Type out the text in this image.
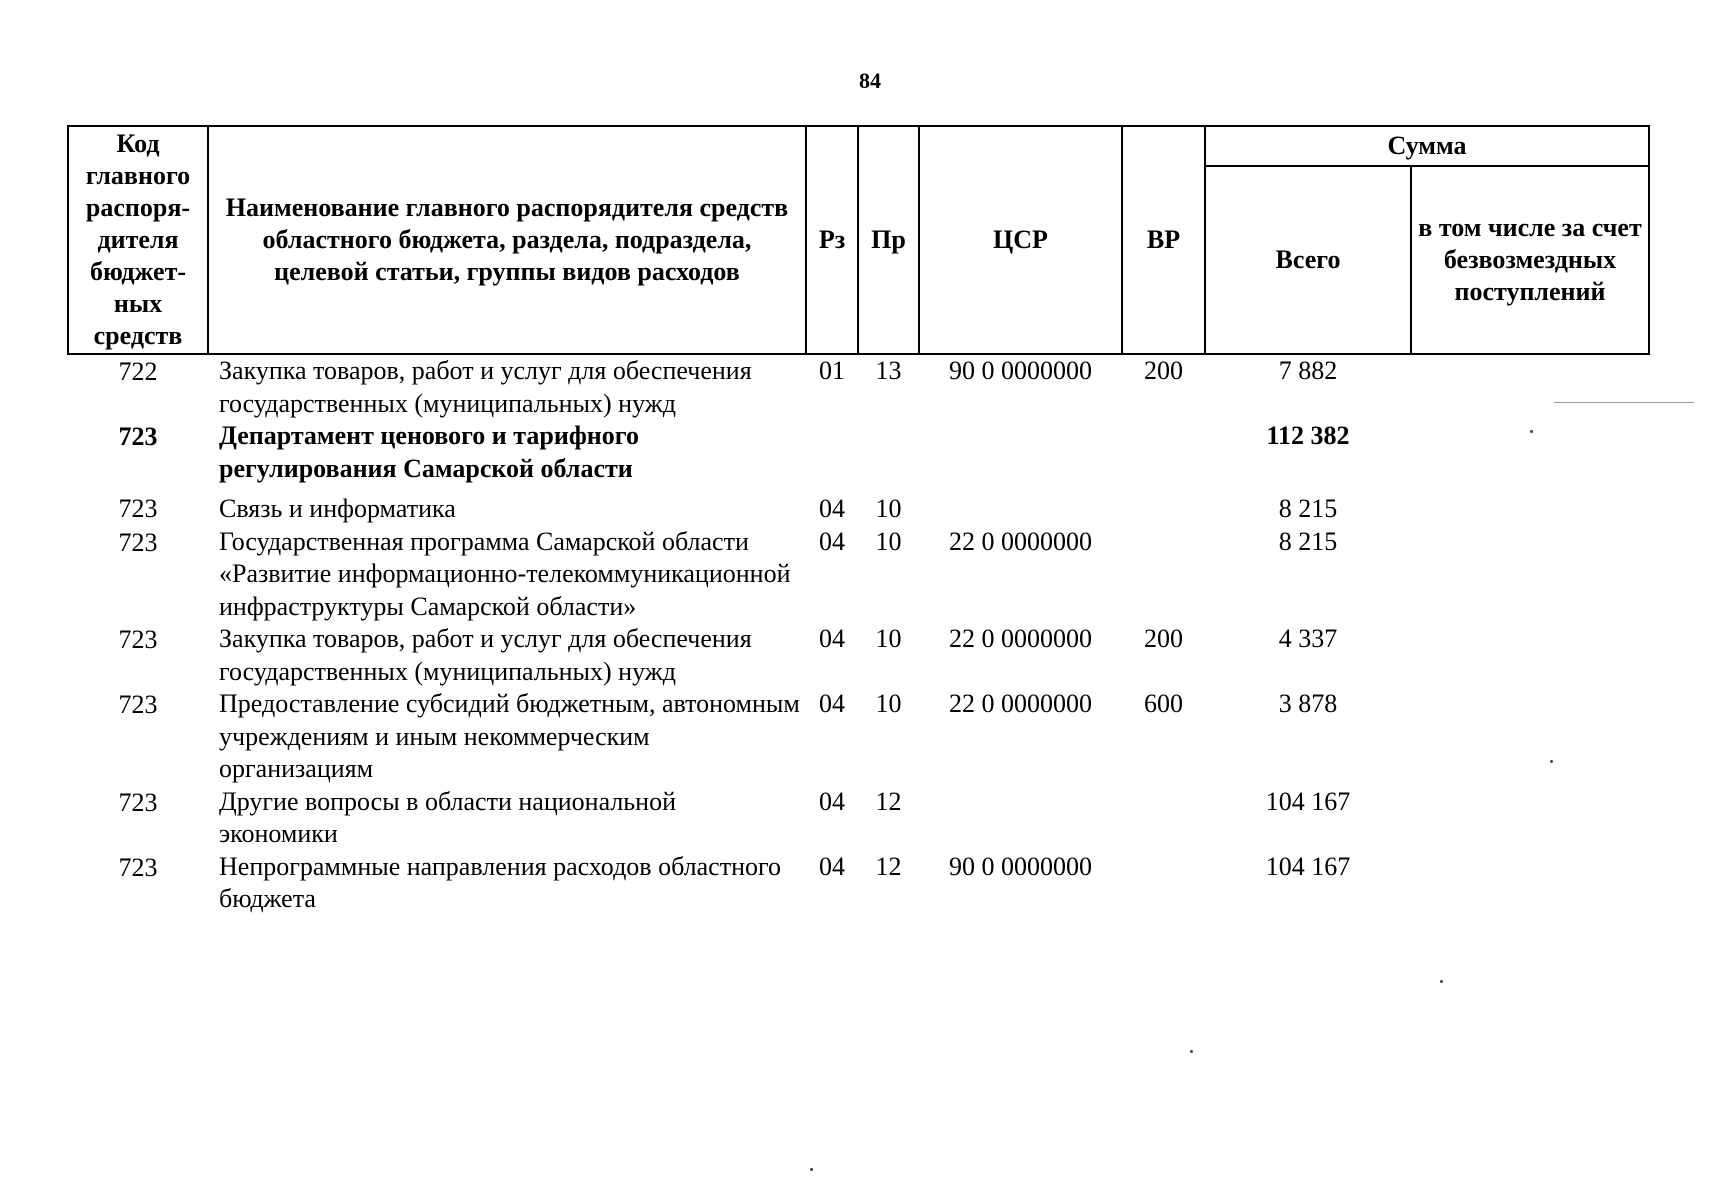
84
Код главного распоря-дителя бюджет-ных средств	Наименование главного распорядителя средств областного бюджета, раздела, подраздела, целевой статьи, группы видов расходов	Рз	Пр	ЦСР	ВР	Сумма	
						Всего	в том числе за счет безвозмездных поступлений
722	Закупка товаров, работ и услуг для обеспечения государственных (муниципальных) нужд	01	13	90 0 0000000	200	7 882	
723	Департамент ценового и тарифного регулирования Самарской области					112 382	
723	Связь и информатика	04	10			8 215	
723	Государственная программа Самарской области «Развитие информационно-телекоммуникационной инфраструктуры Самарской области»	04	10	22 0 0000000		8 215	
723	Закупка товаров, работ и услуг для обеспечения государственных (муниципальных) нужд	04	10	22 0 0000000	200	4 337	
723	Предоставление субсидий бюджетным, автономным учреждениям и иным некоммерческим организациям	04	10	22 0 0000000	600	3 878	
723	Другие вопросы в области национальной экономики	04	12			104 167	
723	Непрограммные направления расходов областного бюджета	04	12	90 0 0000000		104 167	
